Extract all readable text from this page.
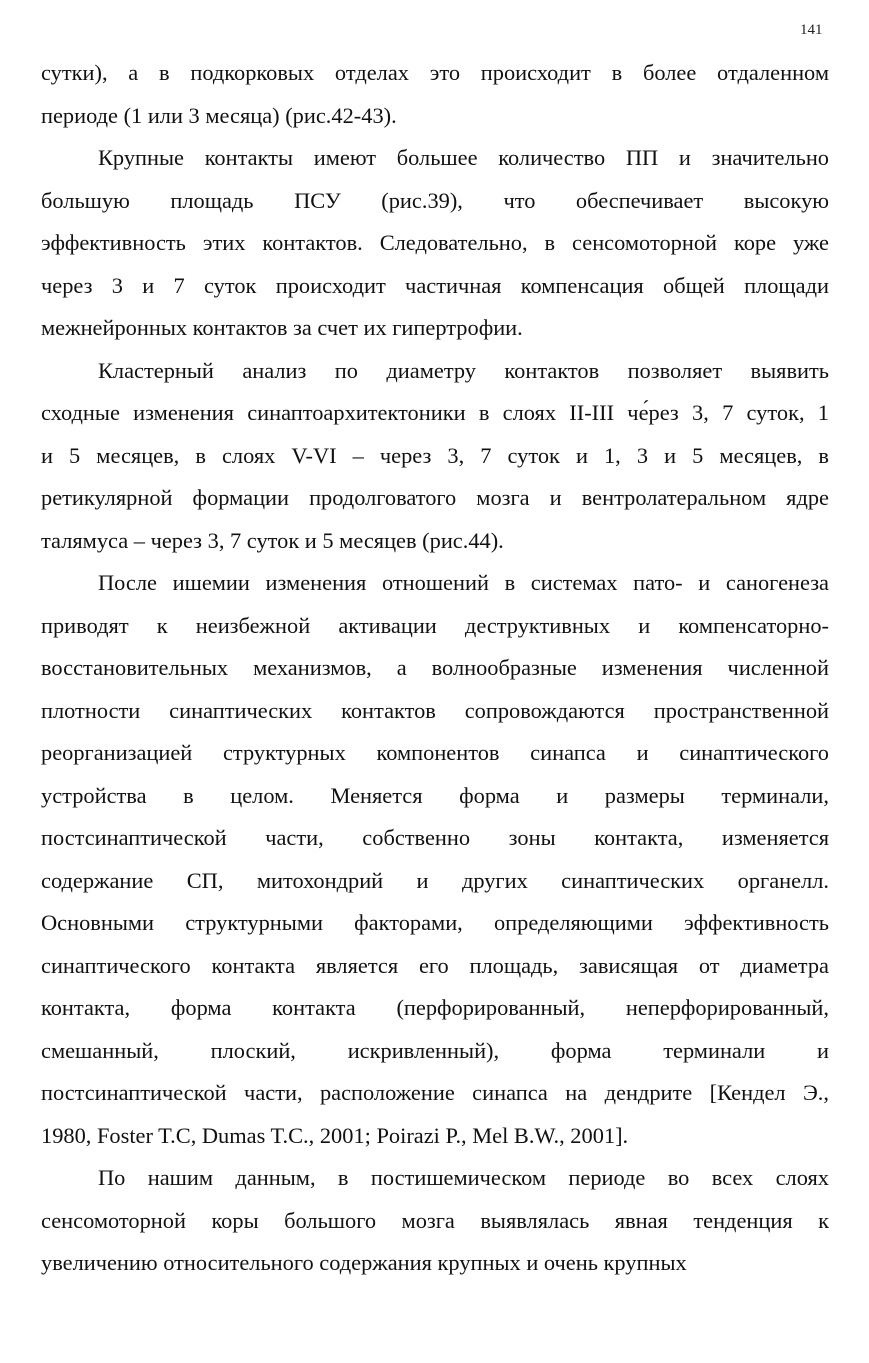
141
сутки), а в подкорковых отделах это происходит в более отдаленном
периоде (1 или 3 месяца) (рис.42-43).
Крупные контакты имеют большее количество ПП и значительно
большую площадь ПСУ (рис.39), что обеспечивает высокую
эффективность этих контактов. Следовательно, в сенсомоторной коре уже
через 3 и 7 суток происходит частичная компенсация общей площади
межнейронных контактов за счет их гипертрофии.
Кластерный анализ по диаметру контактов позволяет выявить
сходные изменения синаптоархитектоники в слоях II-III че́рез 3, 7 суток, 1
и 5 месяцев, в слоях V-VI – через 3, 7 суток и 1, 3 и 5 месяцев, в
ретикулярной формации продолговатого мозга и вентролатеральном ядре
талямуса – через 3, 7 суток и 5 месяцев (рис.44).
После ишемии изменения отношений в системах пато- и саногенеза
приводят к неизбежной активации деструктивных и компенсаторно-
восстановительных механизмов, а волнообразные изменения численной
плотности синаптических контактов сопровождаются пространственной
реорганизацией структурных компонентов синапса и синаптического
устройства в целом. Меняется форма и размеры терминали,
постсинаптической части, собственно зоны контакта, изменяется
содержание СП, митохондрий и других синаптических органелл.
Основными структурными факторами, определяющими эффективность
синаптического контакта является его площадь, зависящая от диаметра
контакта, форма контакта (перфорированный, неперфорированный,
смешанный, плоский, искривленный), форма терминали и
постсинаптической части, расположение синапса на дендрите [Кендел Э.,
1980, Foster T.C, Dumas T.C., 2001; Poirazi P., Mel B.W., 2001].
По нашим данным, в постишемическом периоде во всех слоях
сенсомоторной коры большого мозга выявлялась явная тенденция к
увеличению относительного содержания крупных и очень крупных
